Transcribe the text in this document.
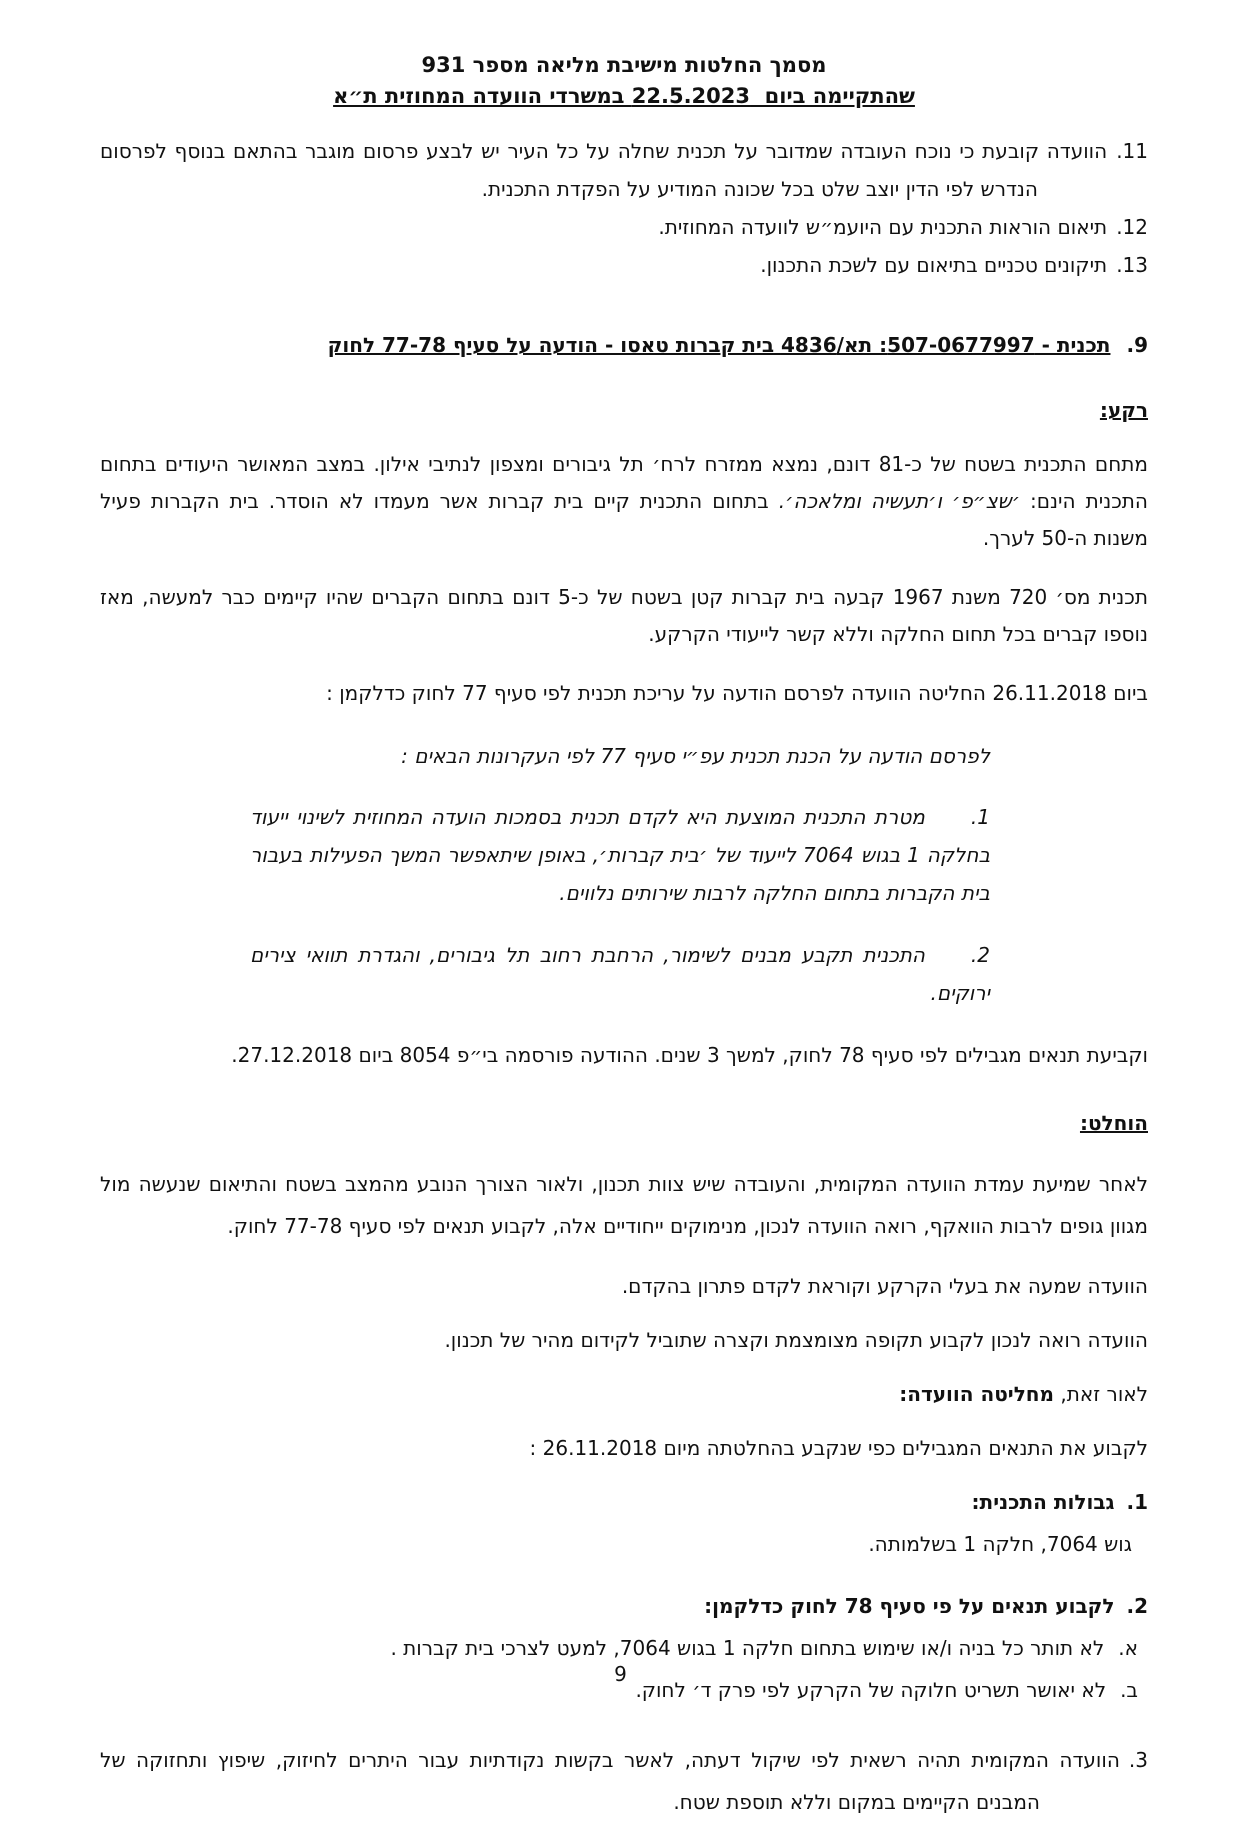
מסמך החלטות מישיבת מליאה מספר 931
שהתקיימה ביום  22.5.2023 במשרדי הוועדה המחוזית ת״א
11.הוועדה קובעת כי נוכח העובדה שמדובר על תכנית שחלה על כל העיר יש לבצע פרסום מוגבר בהתאם בנוסף לפרסום הנדרש לפי הדין יוצב שלט בכל שכונה המודיע על הפקדת התכנית.
12.תיאום הוראות התכנית עם היועמ״ש לוועדה המחוזית.
13.תיקונים טכניים בתיאום עם לשכת התכנון.
9.תכנית - 507-0677997: תא/4836 בית קברות טאסו - הודעה על סעיף 77-78 לחוק
רקע:

מתחם התכנית בשטח של כ-81 דונם, נמצא ממזרח לרח׳ תל גיבורים ומצפון לנתיבי אילון. במצב המאושר היעודים בתחום התכנית הינם: ׳שצ״פ׳ ו׳תעשיה ומלאכה׳. בתחום התכנית קיים בית קברות אשר מעמדו לא הוסדר. בית הקברות פעיל משנות ה-50 לערך.

תכנית מס׳ 720 משנת 1967 קבעה בית קברות קטן בשטח של כ-5 דונם בתחום הקברים שהיו קיימים כבר למעשה, מאז נוספו קברים בכל תחום החלקה וללא קשר לייעודי הקרקע.

ביום 26.11.2018 החליטה הוועדה לפרסם הודעה על עריכת תכנית לפי סעיף 77 לחוק כדלקמן :

לפרסם הודעה על הכנת תכנית עפ״י סעיף 77 לפי העקרונות הבאים :
1.מטרת התכנית המוצעת היא לקדם תכנית בסמכות הועדה המחוזית לשינוי ייעוד בחלקה 1 בגוש 7064 לייעוד של ׳בית קברות׳, באופן שיתאפשר המשך הפעילות בעבור בית הקברות בתחום החלקה לרבות שירותים נלווים.
2.התכנית תקבע מבנים לשימור, הרחבת רחוב תל גיבורים, והגדרת תוואי צירים ירוקים.

וקביעת תנאים מגבילים לפי סעיף 78 לחוק, למשך 3 שנים. ההודעה פורסמה בי״פ 8054 ביום 27.12.2018.

הוחלט:

לאחר שמיעת עמדת הוועדה המקומית, והעובדה שיש צוות תכנון, ולאור הצורך הנובע מהמצב בשטח והתיאום שנעשה מול מגוון גופים לרבות הוואקף, רואה הוועדה לנכון, מנימוקים ייחודיים אלה, לקבוע תנאים לפי סעיף 77-78 לחוק.

הוועדה שמעה את בעלי הקרקע וקוראת לקדם פתרון בהקדם.

הוועדה רואה לנכון לקבוע תקופה מצומצמת וקצרה שתוביל לקידום מהיר של תכנון.

לאור זאת, מחליטה הוועדה:

לקבוע את התנאים המגבילים כפי שנקבע בהחלטתה מיום 26.11.2018 :

1.גבולות התכנית:
גוש 7064, חלקה 1 בשלמותה.
2.לקבוע תנאים על פי סעיף 78 לחוק כדלקמן:
א.לא תותר כל בניה ו/או שימוש בתחום חלקה 1 בגוש 7064, למעט לצרכי בית קברות .
ב.לא יאושר תשריט חלוקה של הקרקע לפי פרק ד׳ לחוק.
3.הוועדה המקומית תהיה רשאית לפי שיקול דעתה, לאשר בקשות נקודתיות עבור היתרים לחיזוק, שיפוץ ותחזוקה של המבנים הקיימים במקום וללא תוספת שטח.
9
